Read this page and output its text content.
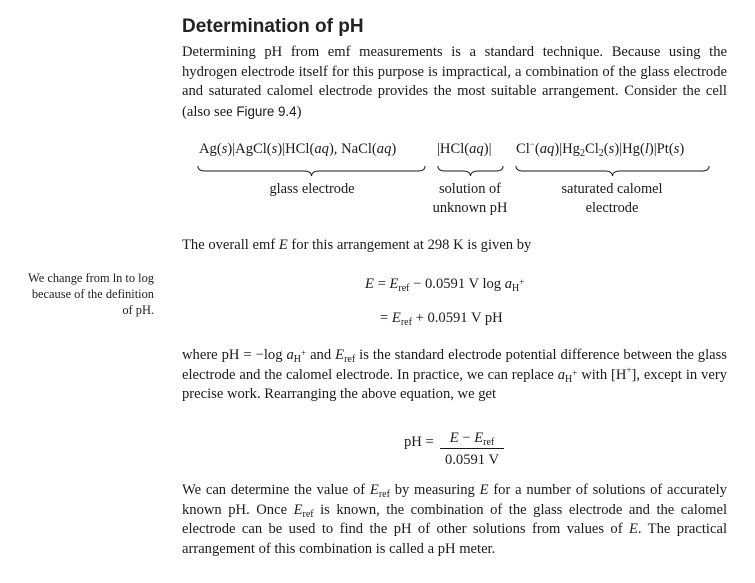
Determination of pH

Determining pH from emf measurements is a standard technique. Because using the hydrogen electrode itself for this purpose is impractical, a combination of the glass electrode and saturated calomel electrode provides the most suitable arrangement. Consider the cell (also see Figure 9.4)

Ag(s)|AgCl(s)|HCl(aq), NaCl(aq)	|HCl(aq)| $Cl^-(aq)|Hg_2Cl_2(s)|Hg(l)|Pt(s)$
glass electrode	solution of
unknown pH
saturated calomel
electrode

The overall emf E for this arrangement at 298 K is given by

We change from ln to log because of the definition of pH.
$E = E_{ref} - 0.0591$ V $\log a_{H^+}$
= $E_{ref} + 0.0591$ V pH

where pH = −log $a_{H^+}$ and $E_{ref}$ is the standard electrode potential difference between the glass electrode and the calomel electrode. In practice, we can replace $a_{H^+}$ with [H+], except in very precise work. Rearranging the above equation, we get

pH =	$E - E_{ref}$
0.0591 V

We can determine the value of $E_{ref}$ by measuring E for a number of solutions of accurately known pH. Once $E_{ref}$ is known, the combination of the glass electrode and the calomel electrode can be used to find the pH of other solutions from values of E. The practical arrangement of this combination is called a pH meter.
